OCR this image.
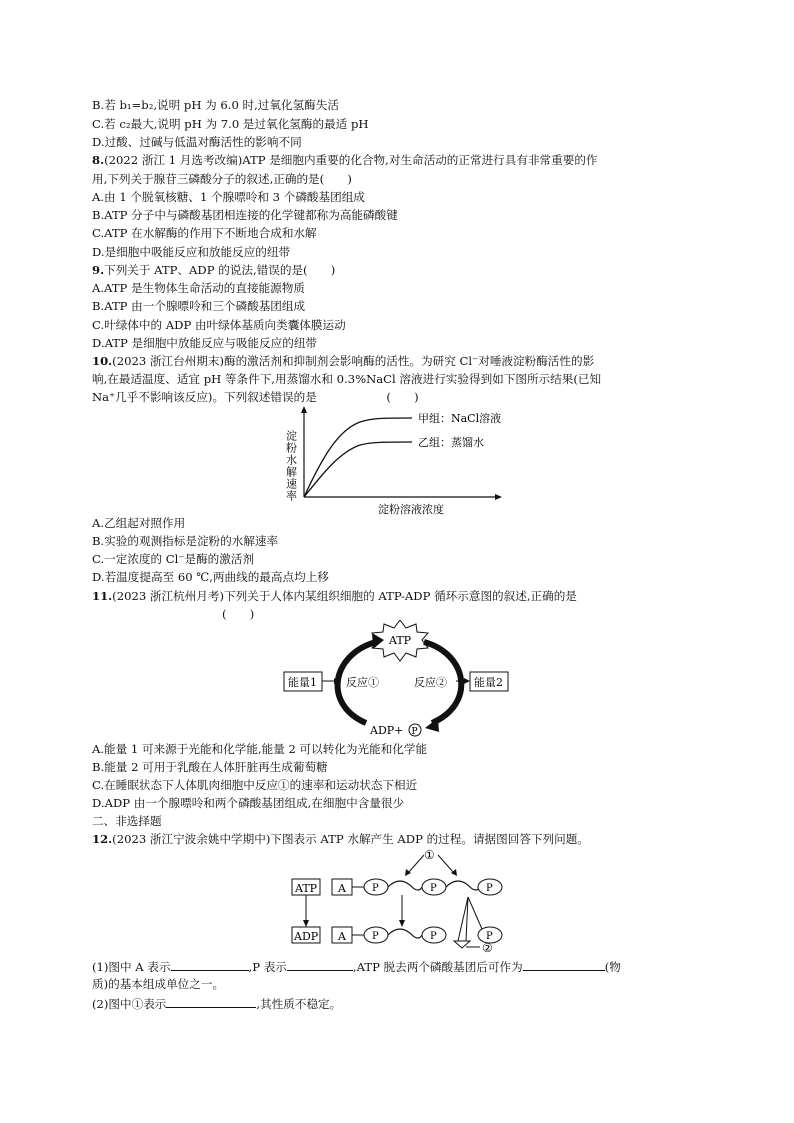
B.若 b₁=b₂,说明 pH 为 6.0 时,过氧化氢酶失活
C.若 c₂最大,说明 pH 为 7.0 是过氧化氢酶的最适 pH
D.过酸、过碱与低温对酶活性的影响不同
8.(2022 浙江 1 月选考改编)ATP 是细胞内重要的化合物,对生命活动的正常进行具有非常重要的作
用,下列关于腺苷三磷酸分子的叙述,正确的是(　　)
A.由 1 个脱氧核糖、1 个腺嘌呤和 3 个磷酸基团组成
B.ATP 分子中与磷酸基团相连接的化学键都称为高能磷酸键
C.ATP 在水解酶的作用下不断地合成和水解
D.是细胞中吸能反应和放能反应的纽带
9.下列关于 ATP、ADP 的说法,错误的是(　　)
A.ATP 是生物体生命活动的直接能源物质
B.ATP 由一个腺嘌呤和三个磷酸基团组成
C.叶绿体中的 ADP 由叶绿体基质向类囊体膜运动
D.ATP 是细胞中放能反应与吸能反应的纽带
10.(2023 浙江台州期末)酶的激活剂和抑制剂会影响酶的活性。为研究 Cl⁻对唾液淀粉酶活性的影
响,在最适温度、适宜 pH 等条件下,用蒸馏水和 0.3%NaCl 溶液进行实验得到如下图所示结果(已知
Na⁺几乎不影响该反应)。下列叙述错误的是　　　　　　(　　)
甲组：NaCl溶液
乙组：蒸馏水
淀粉水解速率
淀粉溶液浓度
A.乙组起对照作用
B.实验的观测指标是淀粉的水解速率
C.一定浓度的 Cl⁻是酶的激活剂
D.若温度提高至 60 ℃,两曲线的最高点均上移
11.(2023 浙江杭州月考)下列关于人体内某组织细胞的 ATP-ADP 循环示意图的叙述,正确的是
(　　)
ATP
能量1	能量2
反应①	反应②
ADP+ P
A.能量 1 可来源于光能和化学能,能量 2 可以转化为光能和化学能
B.能量 2 可用于乳酸在人体肝脏再生成葡萄糖
C.在睡眠状态下人体肌肉细胞中反应①的速率和运动状态下相近
D.ADP 由一个腺嘌呤和两个磷酸基团组成,在细胞中含量很少
二、非选择题
12.(2023 浙江宁波余姚中学期中)下图表示 ATP 水解产生 ADP 的过程。请据图回答下列问题。
①
ATP A	P	P	P
ADP A	P	P	P
②
(1)图中 A 表示	,P 表示	,ATP 脱去两个磷酸基团后可作为	(物
质)的基本组成单位之一。
(2)图中①表示	,其性质不稳定。
